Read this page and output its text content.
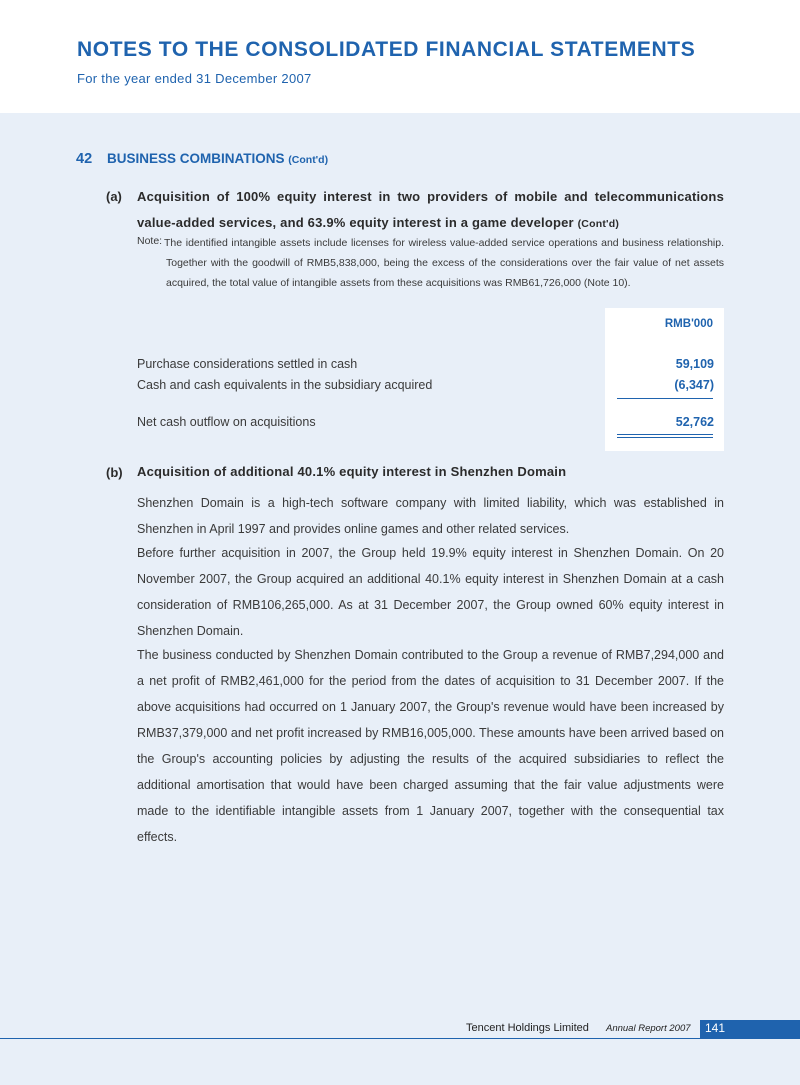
NOTES TO THE CONSOLIDATED FINANCIAL STATEMENTS
For the year ended 31 December 2007
42 BUSINESS COMBINATIONS (Cont'd)
(a) Acquisition of 100% equity interest in two providers of mobile and telecommunications value-added services, and 63.9% equity interest in a game developer (Cont'd)
Note: The identified intangible assets include licenses for wireless value-added service operations and business relationship. Together with the goodwill of RMB5,838,000, being the excess of the considerations over the fair value of net assets acquired, the total value of intangible assets from these acquisitions was RMB61,726,000 (Note 10).
RMB'000
Purchase considerations settled in cash	59,109
Cash and cash equivalents in the subsidiary acquired	(6,347)
Net cash outflow on acquisitions	52,762
(b) Acquisition of additional 40.1% equity interest in Shenzhen Domain

Shenzhen Domain is a high-tech software company with limited liability, which was established in Shenzhen in April 1997 and provides online games and other related services.

Before further acquisition in 2007, the Group held 19.9% equity interest in Shenzhen Domain. On 20 November 2007, the Group acquired an additional 40.1% equity interest in Shenzhen Domain at a cash consideration of RMB106,265,000. As at 31 December 2007, the Group owned 60% equity interest in Shenzhen Domain.

The business conducted by Shenzhen Domain contributed to the Group a revenue of RMB7,294,000 and a net profit of RMB2,461,000 for the period from the dates of acquisition to 31 December 2007. If the above acquisitions had occurred on 1 January 2007, the Group's revenue would have been increased by RMB37,379,000 and net profit increased by RMB16,005,000. These amounts have been arrived based on the Group's accounting policies by adjusting the results of the acquired subsidiaries to reflect the additional amortisation that would have been charged assuming that the fair value adjustments were made to the identifiable intangible assets from 1 January 2007, together with the consequential tax effects.

Tencent Holdings Limited Annual Report 2007 141
